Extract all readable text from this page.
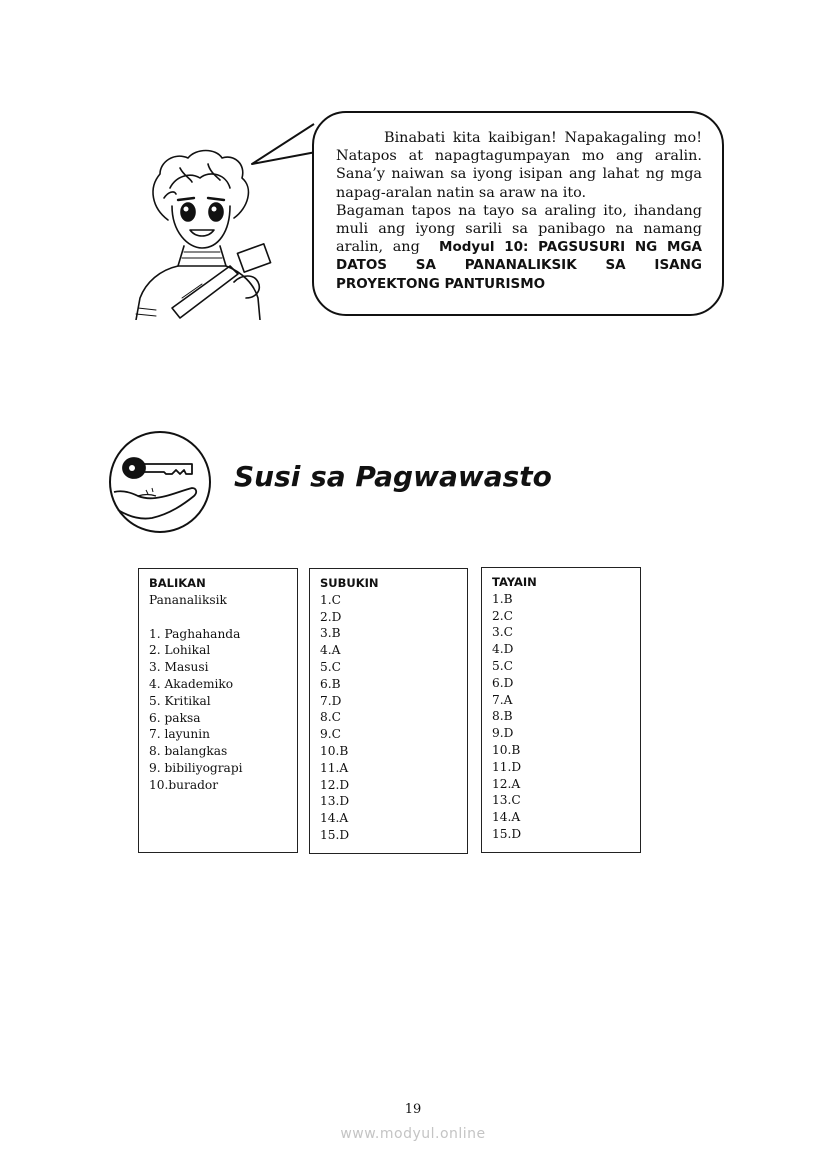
Binabati kita kaibigan! Napakagaling mo! Natapos at napagtagumpayan mo ang aralin. Sana’y naiwan sa iyong isipan ang lahat ng mga napag-aralan natin sa araw na ito.

Bagaman tapos na tayo sa araling ito, ihandang muli ang iyong sarili sa panibago na namang aralin, ang Modyul 10: PAGSUSURI NG MGA DATOS SA PANANALIKSIK SA ISANG PROYEKTONG PANTURISMO

Susi sa Pagwawasto
BALIKAN
Pananaliksik
1. Paghahanda
2. Lohikal
3. Masusi
4. Akademiko
5. Kritikal
6. paksa
7. layunin
8. balangkas
9. bibiliyograpi
10.burador
SUBUKIN
1.C
2.D
3.B
4.A
5.C
6.B
7.D
8.C
9.C
10.B
11.A
12.D
13.D
14.A
15.D
TAYAIN
1.B
2.C
3.C
4.D
5.C
6.D
7.A
8.B
9.D
10.B
11.D
12.A
13.C
14.A
15.D
19
www.modyul.online
